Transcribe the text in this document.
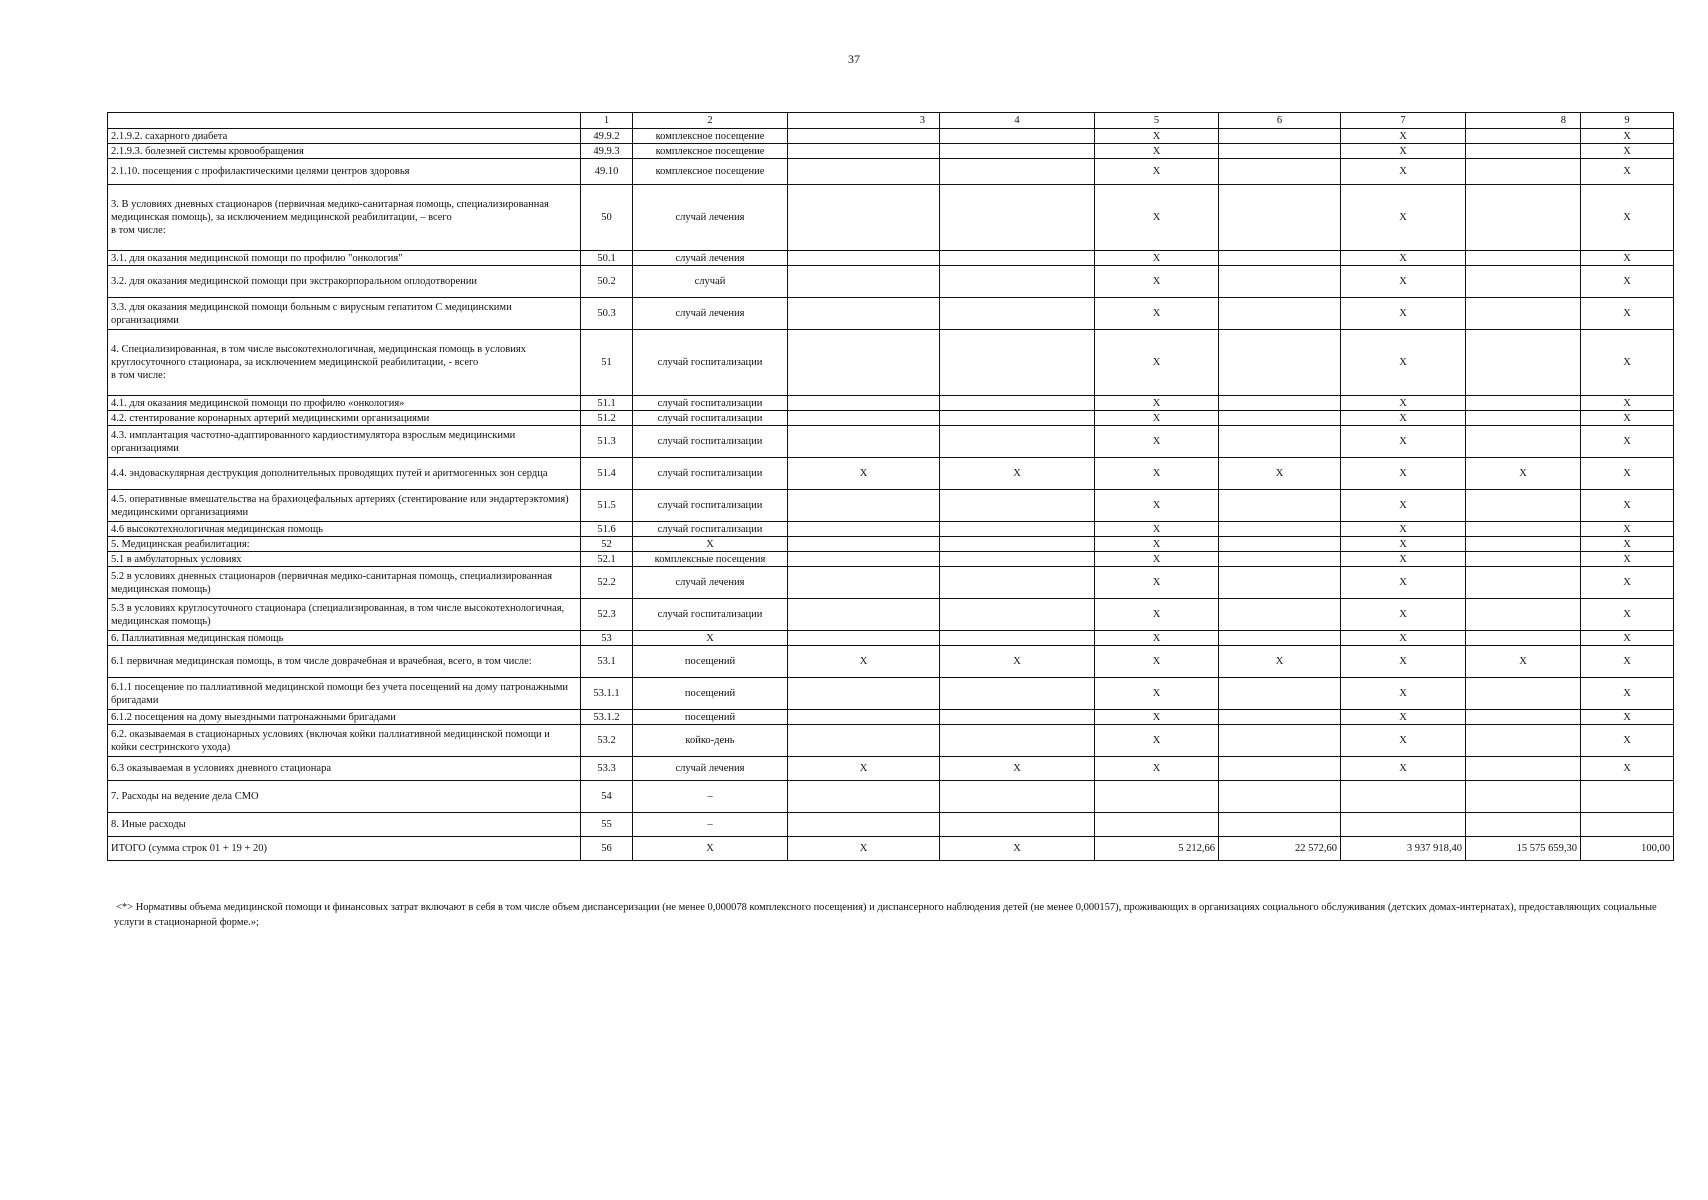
37
	1	2	3	4	5	6	7	8	9
2.1.9.2. сахарного диабета	49.9.2	комплексное посещение			Х		Х		Х
2.1.9.3. болезней системы кровообращения	49.9.3	комплексное посещение			Х		Х		Х
2.1.10. посещения с профилактическими целями центров здоровья	49.10	комплексное посещение			Х		Х		Х
3. В условиях дневных стационаров (первичная медико-санитарная помощь, специализированная медицинская помощь), за исключением медицинской реабилитации, – всего
в том числе:	50	случай лечения			Х		Х		Х
3.1. для оказания медицинской помощи по профилю "онкология"	50.1	случай лечения			Х		Х		Х
3.2. для оказания медицинской помощи при экстракорпоральном оплодотворении	50.2	случай			Х		Х		Х
3.3. для оказания медицинской помощи больным с вирусным гепатитом С медицинскими организациями	50.3	случай лечения			Х		Х		Х
4. Специализированная, в том числе высокотехнологичная, медицинская помощь в условиях круглосуточного стационара, за исключением медицинской реабилитации, - всего
в том числе:	51	случай госпитализации			Х		Х		Х
4.1. для оказания медицинской помощи по профилю «онкология»	51.1	случай госпитализации			Х		Х		Х
4.2. стентирование коронарных артерий медицинскими организациями	51.2	случай госпитализации			Х		Х		Х
4.3. имплантация частотно-адаптированного кардиостимулятора взрослым медицинскими организациями	51.3	случай госпитализации			Х		Х		Х
4.4. эндоваскулярная деструкция дополнительных проводящих путей и аритмогенных зон сердца	51.4	случай госпитализации	Х	Х	Х	Х	Х	Х	Х
4.5. оперативные вмешательства на брахиоцефальных артериях (стентирование или эндартерэктомия) медицинскими организациями	51.5	случай госпитализации			Х		Х		Х
4.6 высокотехнологичная медицинская помощь	51.6	случай госпитализации			Х		Х		Х
5. Медицинская реабилитация:	52	Х			Х		Х		Х
5.1 в амбулаторных условиях	52.1	комплексные посещения			Х		Х		Х
5.2 в условиях дневных стационаров (первичная медико-санитарная помощь, специализированная медицинская помощь)	52.2	случай лечения			Х		Х		Х
5.3 в условиях круглосуточного стационара (специализированная, в том числе высокотехнологичная, медицинская помощь)	52.3	случай госпитализации			Х		Х		Х
6. Паллиативная медицинская помощь	53	Х			Х		Х		Х
6.1 первичная медицинская помощь, в том числе доврачебная и врачебная, всего, в том числе:	53.1	посещений	Х	Х	Х	Х	Х	Х	Х
6.1.1 посещение по паллиативной медицинской помощи без учета посещений на дому патронажными бригадами	53.1.1	посещений			Х		Х		Х
6.1.2 посещения на дому выездными патронажными бригадами	53.1.2	посещений			Х		Х		Х
6.2. оказываемая в стационарных условиях (включая койки паллиативной медицинской помощи и койки сестринского ухода)	53.2	койко-день			Х		Х		Х
6.3 оказываемая в условиях дневного стационара	53.3	случай лечения	Х	Х	Х		Х		Х
7. Расходы на ведение дела СМО	54	–							
8. Иные расходы	55	–							
ИТОГО (сумма строк 01 + 19 + 20)	56	Х	Х	Х	5 212,66	22 572,60	3 937 918,40	15 575 659,30	100,00
<*> Нормативы объема медицинской помощи и финансовых затрат включают в себя в том числе объем диспансеризации (не менее 0,000078 комплексного посещения) и диспансерного наблюдения детей (не менее 0,000157), проживающих в организациях социального обслуживания (детских домах-интернатах), предоставляющих социальные услуги в стационарной форме.»;
